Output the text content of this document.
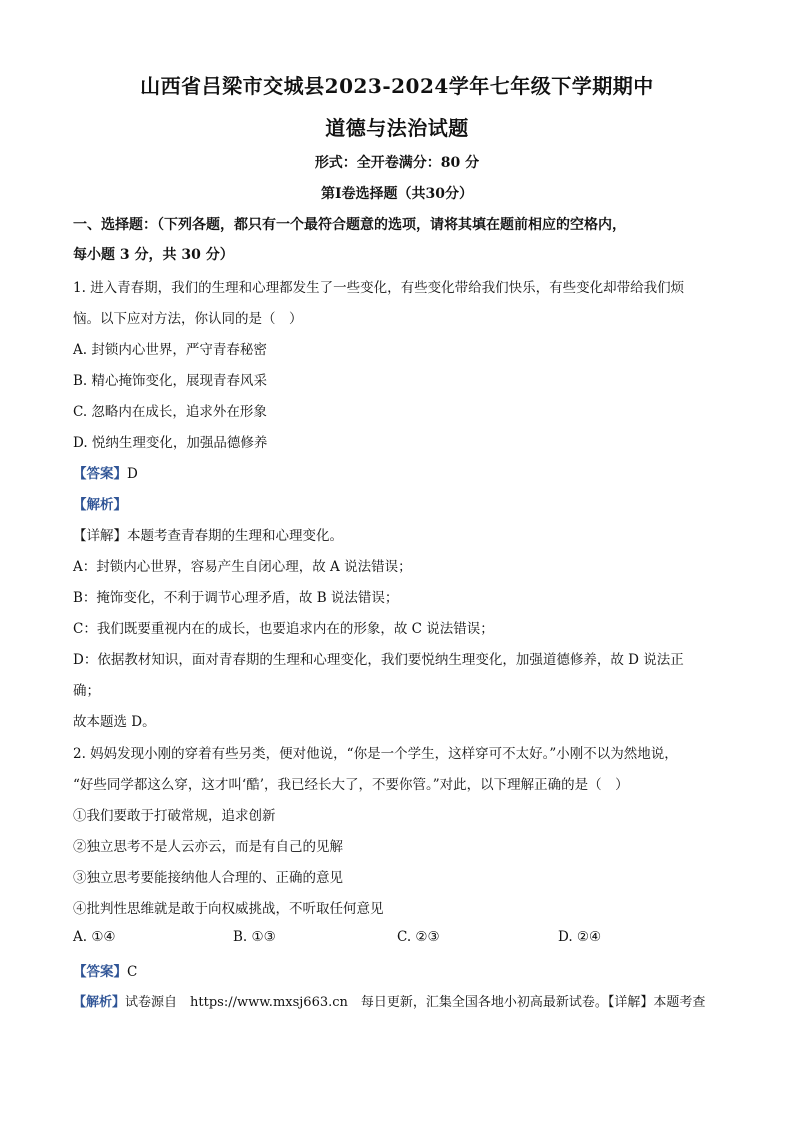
山西省吕梁市交城县2023-2024学年七年级下学期期中
道德与法治试题
形式：全开卷满分：80 分
第Ⅰ卷选择题（共30分）
一、选择题：（下列各题，都只有一个最符合题意的选项，请将其填在题前相应的空格内，
每小题 3 分，共 30 分）
1. 进入青春期，我们的生理和心理都发生了一些变化，有些变化带给我们快乐，有些变化却带给我们烦
恼。以下应对方法，你认同的是（　）
A. 封锁内心世界，严守青春秘密
B. 精心掩饰变化，展现青春风采
C. 忽略内在成长，追求外在形象
D. 悦纳生理变化，加强品德修养
【答案】D
【解析】
【详解】本题考查青春期的生理和心理变化。
A：封锁内心世界，容易产生自闭心理，故 A 说法错误；
B：掩饰变化，不利于调节心理矛盾，故 B 说法错误；
C：我们既要重视内在的成长，也要追求内在的形象，故 C 说法错误；
D：依据教材知识，面对青春期的生理和心理变化，我们要悦纳生理变化，加强道德修养，故 D 说法正
确；
故本题选 D。
2. 妈妈发现小刚的穿着有些另类，便对他说，“你是一个学生，这样穿可不太好。”小刚不以为然地说，
“好些同学都这么穿，这才叫‘酷’，我已经长大了，不要你管。”对此，以下理解正确的是（　）
①我们要敢于打破常规，追求创新
②独立思考不是人云亦云，而是有自己的见解
③独立思考要能接纳他人合理的、正确的意见
④批判性思维就是敢于向权威挑战，不听取任何意见
A. ①④	B. ①③	C. ②③	D. ②④
【答案】C
【解析】试卷源自　https://www.mxsj663.cn　每日更新，汇集全国各地小初高最新试卷。【详解】本题考查
